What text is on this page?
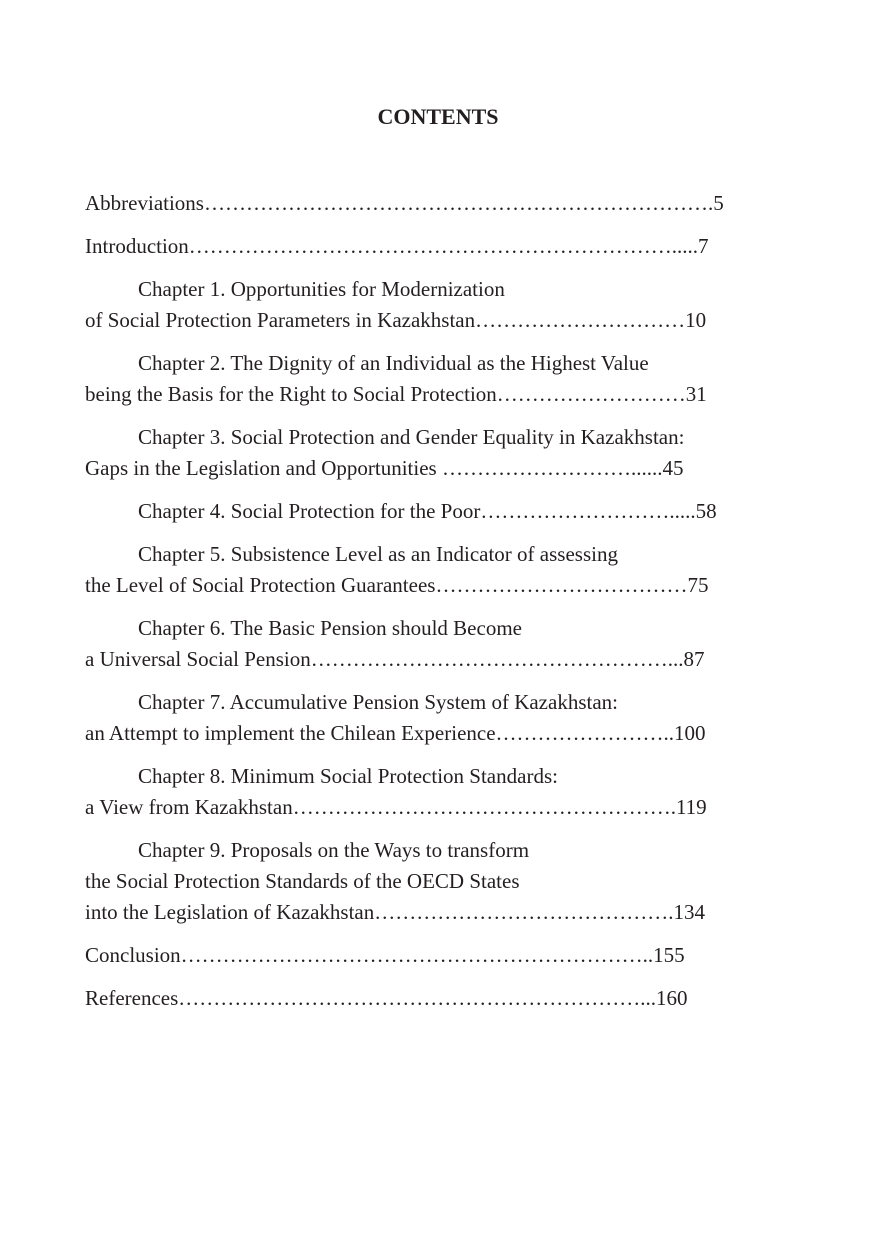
CONTENTS
Abbreviations……………………………………………………………….5
Introduction…………………………………………………………….....7
Chapter 1. Opportunities for Modernization
of Social Protection Parameters in Kazakhstan…………………………10
Chapter 2. The Dignity of an Individual as the Highest Value
being the Basis for the Right to Social Protection………………………31
Chapter 3. Social Protection and Gender Equality in Kazakhstan:
Gaps in the Legislation and Opportunities ………………………......45
Chapter 4. Social Protection for the Poor……………………….....58
Chapter 5. Subsistence Level as an Indicator of assessing
the Level of Social Protection Guarantees………………………………75
Chapter 6. The Basic Pension should Become
a Universal Social Pension……………………………………………...87
Chapter 7. Accumulative Pension System of Kazakhstan:
an Attempt to implement the Chilean Experience……………………..100
Chapter 8. Minimum Social Protection Standards:
a View from Kazakhstan……………………………………………….119
Chapter 9. Proposals on the Ways to transform
the Social Protection Standards of the OECD States
into the Legislation of Kazakhstan…………………………………….134
Conclusion…………………………………………………………..155
References…………………………………………………………...160
